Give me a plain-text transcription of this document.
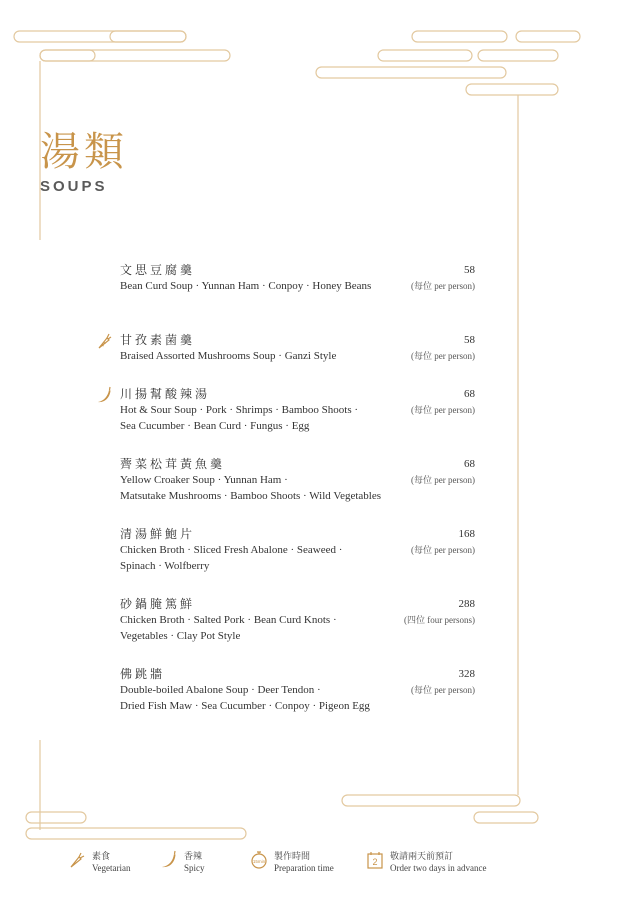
湯類
SOUPS
文思豆腐羹
Bean Curd Soup · Yunnan Ham · Conpoy · Honey Beans
58
(每位 per person)
甘孜素菌羹
Braised Assorted Mushrooms Soup · Ganzi Style
58
(每位 per person)
川揚幫酸辣湯
Hot & Sour Soup · Pork · Shrimps · Bamboo Shoots ·
Sea Cucumber · Bean Curd · Fungus · Egg
68
(每位 per person)
薺菜松茸黃魚羹
Yellow Croaker Soup · Yunnan Ham ·
Matsutake Mushrooms · Bamboo Shoots · Wild Vegetables
68
(每位 per person)
清湯鮮鮑片
Chicken Broth · Sliced Fresh Abalone · Seaweed ·
Spinach · Wolfberry
168
(每位 per person)
砂鍋腌篤鮮
Chicken Broth · Salted Pork · Bean Curd Knots ·
Vegetables · Clay Pot Style
288
(四位 four persons)
佛跳牆
Double-boiled Abalone Soup · Deer Tendon ·
Dried Fish Maw · Sea Cucumber · Conpoy · Pigeon Egg
328
(每位 per person)
素食
Vegetarian
香辣
Spicy
15min
製作時間
Preparation time
2
敬請兩天前預訂
Order two days in advance
